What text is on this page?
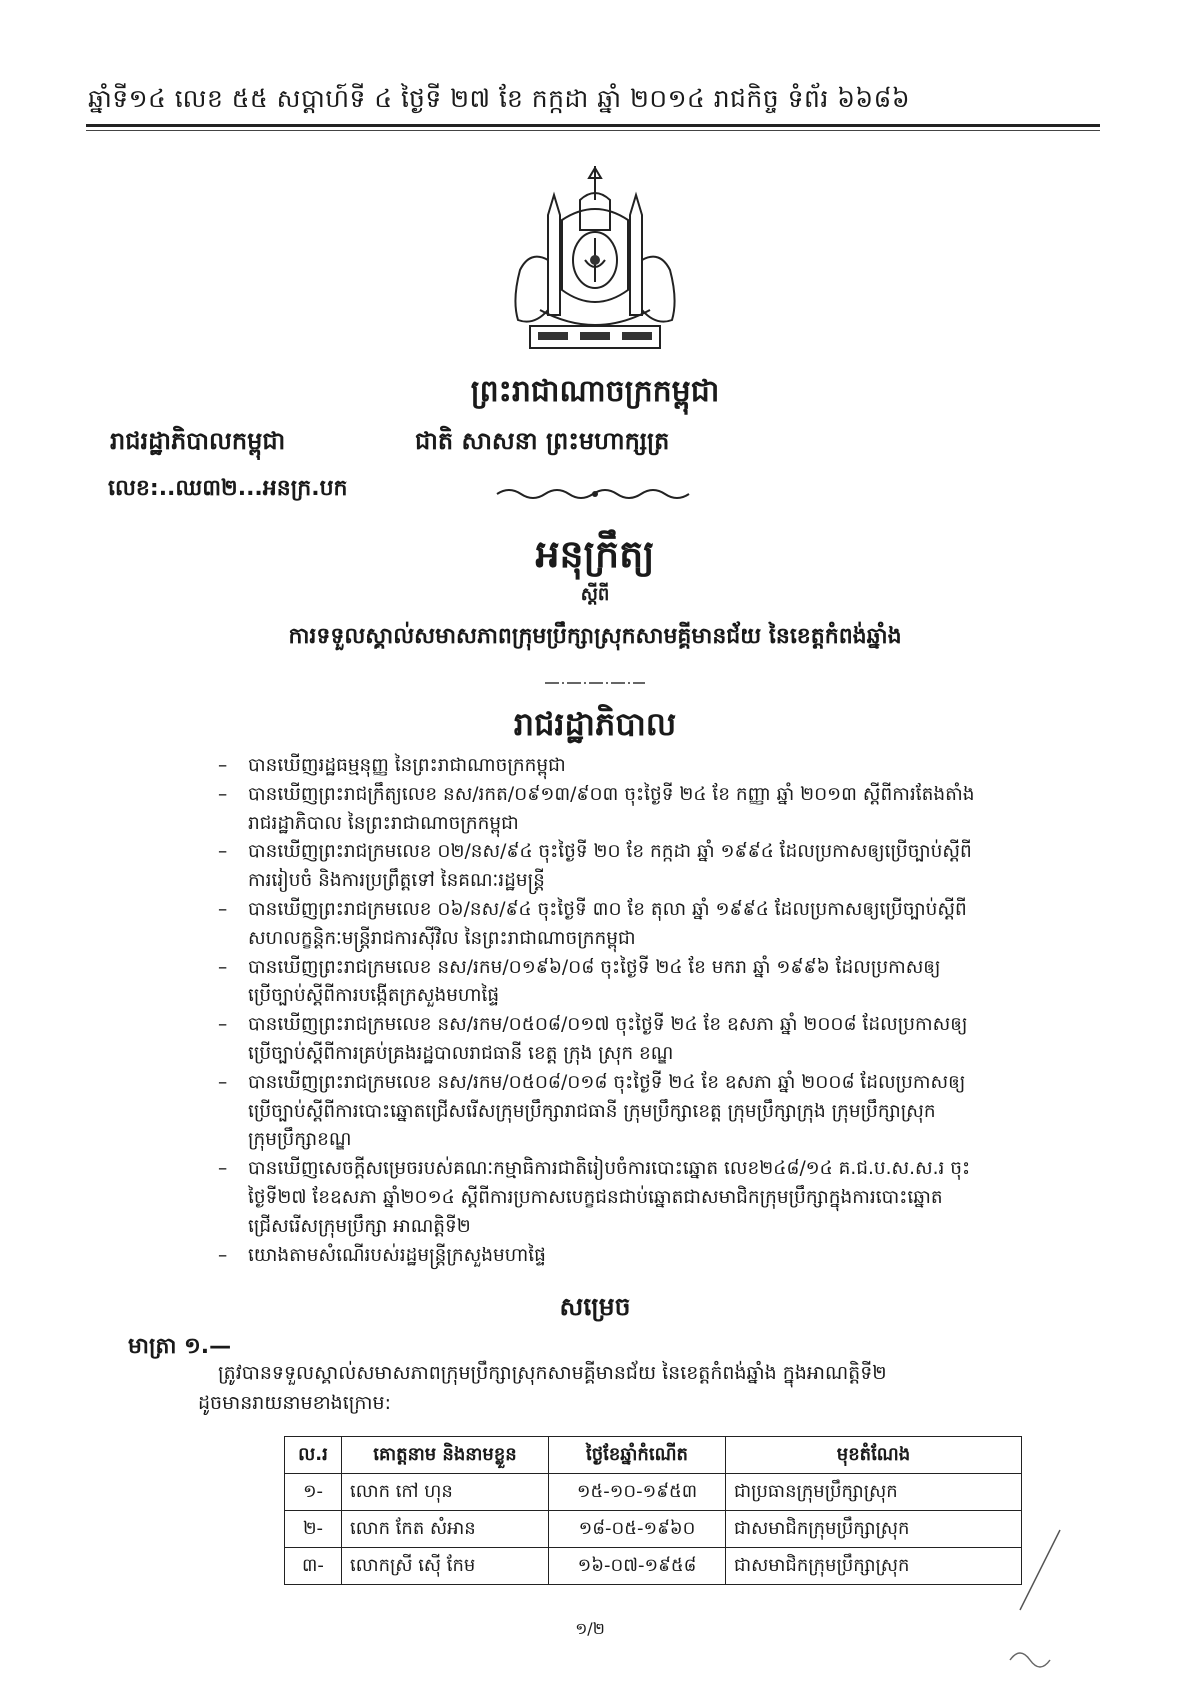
ឆ្នាំទី១៤ លេខ ៥៥ សប្ដាហ៍ទី ៤ ថ្ងៃទី ២៧ ខែ កក្កដា ឆ្នាំ ២០១៤ រាជកិច្ច ទំព័រ ៦៦៨៦
ព្រះរាជាណាចក្រកម្ពុជា
រាជរដ្ឋាភិបាលកម្ពុជា	ជាតិ សាសនា ព្រះមហាក្សត្រ
លេខ:..ឈ៣២...អនក្រ.បក
អនុក្រឹត្យ
ស្ដីពី
ការទទួលស្គាល់សមាសភាពក្រុមប្រឹក្សាស្រុកសាមគ្គីមានជ័យ នៃខេត្តកំពង់ឆ្នាំង
រាជរដ្ឋាភិបាល
– បានឃើញរដ្ឋធម្មនុញ្ញ នៃព្រះរាជាណាចក្រកម្ពុជា
– បានឃើញព្រះរាជក្រឹត្យលេខ នស/រកត/០៩១៣/៩០៣ ចុះថ្ងៃទី ២៤ ខែ កញ្ញា ឆ្នាំ ២០១៣ ស្ដីពីការតែងតាំង
រាជរដ្ឋាភិបាល នៃព្រះរាជាណាចក្រកម្ពុជា
– បានឃើញព្រះរាជក្រមលេខ ០២/នស/៩៤ ចុះថ្ងៃទី ២០ ខែ កក្កដា ឆ្នាំ ១៩៩៤ ដែលប្រកាសឲ្យប្រើច្បាប់ស្ដីពី
ការរៀបចំ និងការប្រព្រឹត្តទៅ នៃគណៈរដ្ឋមន្ត្រី
– បានឃើញព្រះរាជក្រមលេខ ០៦/នស/៩៤ ចុះថ្ងៃទី ៣០ ខែ តុលា ឆ្នាំ ១៩៩៤ ដែលប្រកាសឲ្យប្រើច្បាប់ស្ដីពី
សហលក្ខន្តិកៈមន្ត្រីរាជការស៊ីវិល នៃព្រះរាជាណាចក្រកម្ពុជា
– បានឃើញព្រះរាជក្រមលេខ នស/រកម/០១៩៦/០៨ ចុះថ្ងៃទី ២៤ ខែ មករា ឆ្នាំ ១៩៩៦ ដែលប្រកាសឲ្យ
ប្រើច្បាប់ស្ដីពីការបង្កើតក្រសួងមហាផ្ទៃ
– បានឃើញព្រះរាជក្រមលេខ នស/រកម/០៥០៨/០១៧ ចុះថ្ងៃទី ២៤ ខែ ឧសភា ឆ្នាំ ២០០៨ ដែលប្រកាសឲ្យ
ប្រើច្បាប់ស្ដីពីការគ្រប់គ្រងរដ្ឋបាលរាជធានី ខេត្ត ក្រុង ស្រុក ខណ្ឌ
– បានឃើញព្រះរាជក្រមលេខ នស/រកម/០៥០៨/០១៨ ចុះថ្ងៃទី ២៤ ខែ ឧសភា ឆ្នាំ ២០០៨ ដែលប្រកាសឲ្យ
ប្រើច្បាប់ស្ដីពីការបោះឆ្នោតជ្រើសរើសក្រុមប្រឹក្សារាជធានី ក្រុមប្រឹក្សាខេត្ត ក្រុមប្រឹក្សាក្រុង ក្រុមប្រឹក្សាស្រុក
ក្រុមប្រឹក្សាខណ្ឌ
– បានឃើញសេចក្ដីសម្រេចរបស់គណៈកម្មាធិការជាតិរៀបចំការបោះឆ្នោត លេខ២៤៨/១៤ គ.ជ.ប.ស.ស.រ ចុះ
ថ្ងៃទី២៧ ខែឧសភា ឆ្នាំ២០១៤ ស្ដីពីការប្រកាសបេក្ខជនជាប់ឆ្នោតជាសមាជិកក្រុមប្រឹក្សាក្នុងការបោះឆ្នោត
ជ្រើសរើសក្រុមប្រឹក្សា អាណត្តិទី២
– យោងតាមសំណើរបស់រដ្ឋមន្ត្រីក្រសួងមហាផ្ទៃ
សម្រេច
មាត្រា ១.—
ត្រូវបានទទួលស្គាល់សមាសភាពក្រុមប្រឹក្សាស្រុកសាមគ្គីមានជ័យ នៃខេត្តកំពង់ឆ្នាំង ក្នុងអាណត្តិទី២
ដូចមានរាយនាមខាងក្រោម:
ល.រ	គោត្តនាម និងនាមខ្លួន	ថ្ងៃខែឆ្នាំកំណើត	មុខតំណែង
១-	លោក កៅ ហុន	១៥-១០-១៩៥៣	ជាប្រធានក្រុមប្រឹក្សាស្រុក
២-	លោក កែត សំអាន	១៨-០៥-១៩៦០	ជាសមាជិកក្រុមប្រឹក្សាស្រុក
៣-	លោកស្រី ស៊ើ កែម	១៦-០៧-១៩៥៨	ជាសមាជិកក្រុមប្រឹក្សាស្រុក
១/២
